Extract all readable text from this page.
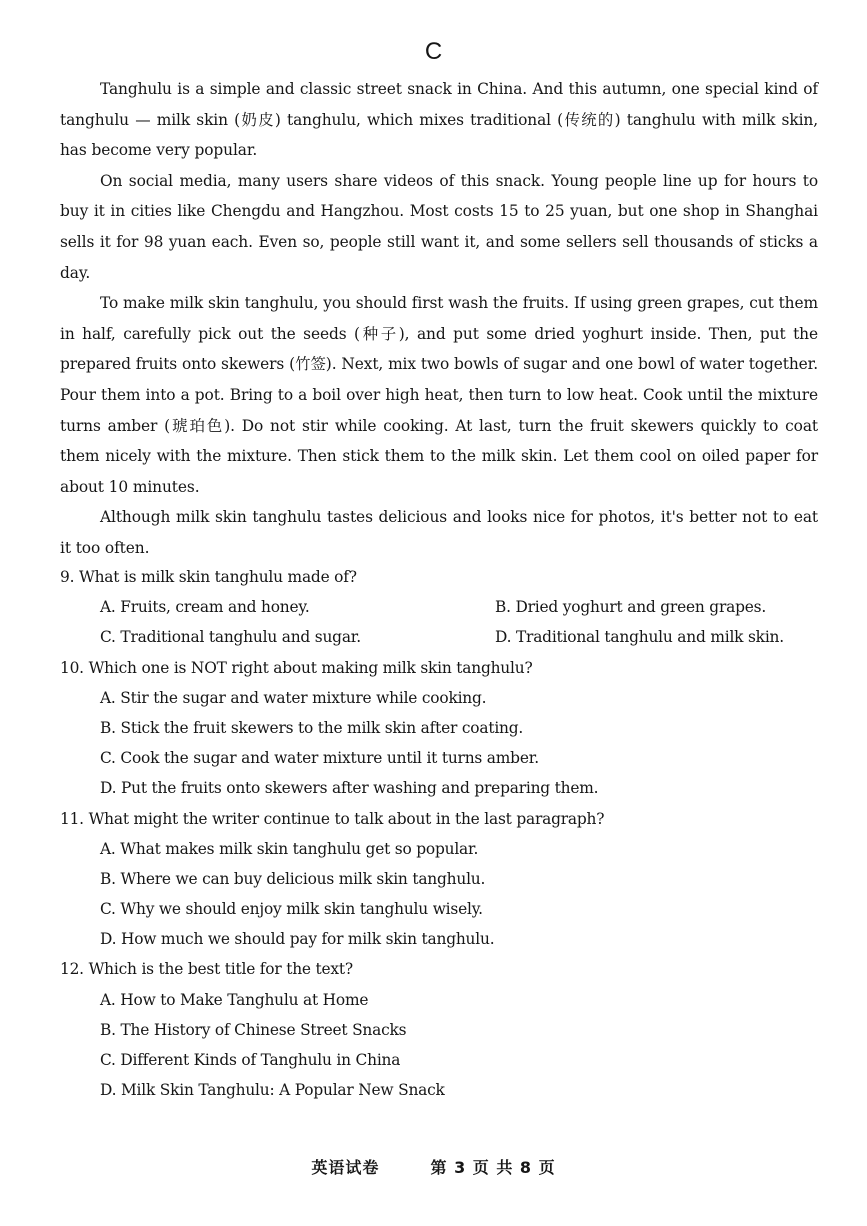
C

Tanghulu is a simple and classic street snack in China. And this autumn, one special kind of tanghulu — milk skin (奶皮) tanghulu, which mixes traditional (传统的) tanghulu with milk skin, has become very popular.

On social media, many users share videos of this snack. Young people line up for hours to buy it in cities like Chengdu and Hangzhou. Most costs 15 to 25 yuan, but one shop in Shanghai sells it for 98 yuan each. Even so, people still want it, and some sellers sell thousands of sticks a day.

To make milk skin tanghulu, you should first wash the fruits. If using green grapes, cut them in half, carefully pick out the seeds (种子), and put some dried yoghurt inside. Then, put the prepared fruits onto skewers (竹签). Next, mix two bowls of sugar and one bowl of water together. Pour them into a pot. Bring to a boil over high heat, then turn to low heat. Cook until the mixture turns amber (琥珀色). Do not stir while cooking. At last, turn the fruit skewers quickly to coat them nicely with the mixture. Then stick them to the milk skin. Let them cool on oiled paper for about 10 minutes.

Although milk skin tanghulu tastes delicious and looks nice for photos, it's better not to eat it too often.

9. What is milk skin tanghulu made of?
A. Fruits, cream and honey.	B. Dried yoghurt and green grapes.
C. Traditional tanghulu and sugar.	D. Traditional tanghulu and milk skin.
10. Which one is NOT right about making milk skin tanghulu?
A. Stir the sugar and water mixture while cooking.
B. Stick the fruit skewers to the milk skin after coating.
C. Cook the sugar and water mixture until it turns amber.
D. Put the fruits onto skewers after washing and preparing them.
11. What might the writer continue to talk about in the last paragraph?
A. What makes milk skin tanghulu get so popular.
B. Where we can buy delicious milk skin tanghulu.
C. Why we should enjoy milk skin tanghulu wisely.
D. How much we should pay for milk skin tanghulu.
12. Which is the best title for the text?
A. How to Make Tanghulu at Home
B. The History of Chinese Street Snacks
C. Different Kinds of Tanghulu in China
D. Milk Skin Tanghulu: A Popular New Snack
英语试卷	第 3 页 共 8 页
